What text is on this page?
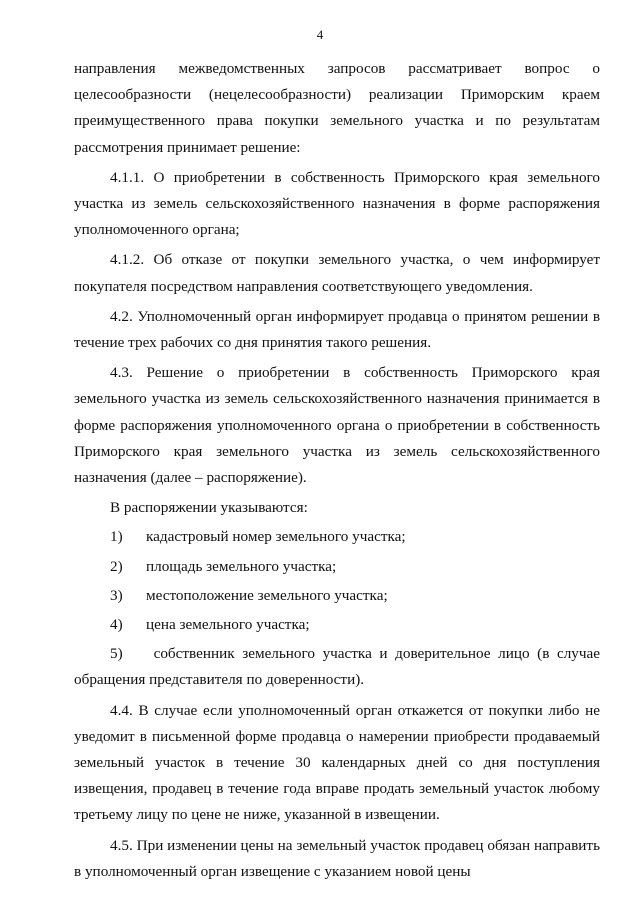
4

направления межведомственных запросов рассматривает вопрос о целесообразности (нецелесообразности) реализации Приморским краем преимущественного права покупки земельного участка и по результатам рассмотрения принимает решение:

4.1.1. О приобретении в собственность Приморского края земельного участка из земель сельскохозяйственного назначения в форме распоряжения уполномоченного органа;

4.1.2. Об отказе от покупки земельного участка, о чем информирует покупателя посредством направления соответствующего уведомления.

4.2. Уполномоченный орган информирует продавца о принятом решении в течение трех рабочих со дня принятия такого решения.

4.3. Решение о приобретении в собственность Приморского края земельного участка из земель сельскохозяйственного назначения принимается в форме распоряжения уполномоченного органа о приобретении в собственность Приморского края земельного участка из земель сельскохозяйственного назначения (далее – распоряжение).

В распоряжении указываются:

1)	кадастровый номер земельного участка;
2)	площадь земельного участка;
3)	местоположение земельного участка;
4)	цена земельного участка;
5) собственник земельного участка и доверительное лицо (в случае обращения представителя по доверенности).

4.4. В случае если уполномоченный орган откажется от покупки либо не уведомит в письменной форме продавца о намерении приобрести продаваемый земельный участок в течение 30 календарных дней со дня поступления извещения, продавец в течение года вправе продать земельный участок любому третьему лицу по цене не ниже, указанной в извещении.

4.5. При изменении цены на земельный участок продавец обязан направить в уполномоченный орган извещение с указанием новой цены
